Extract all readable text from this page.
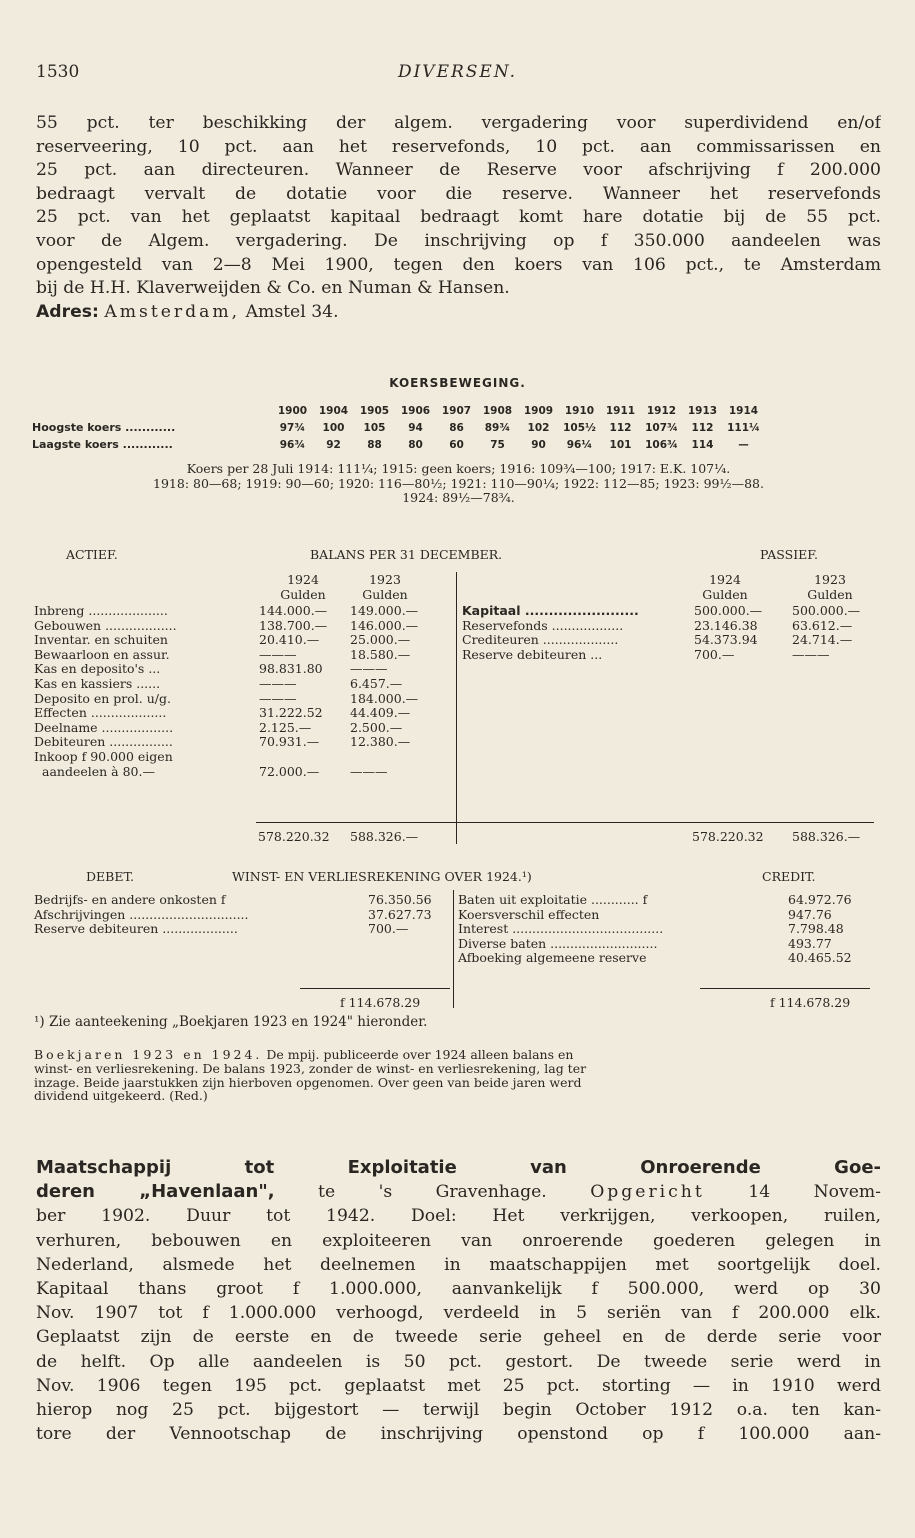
1530	DIVERSEN.
55 pct. ter beschikking der algem. vergadering voor superdividend en/of
reserveering, 10 pct. aan het reservefonds, 10 pct. aan commissarissen en
25 pct. aan directeuren. Wanneer de Reserve voor afschrijving f 200.000
bedraagt vervalt de dotatie voor die reserve. Wanneer het reservefonds
25 pct. van het geplaatst kapitaal bedraagt komt hare dotatie bij de 55 pct.
voor de Algem. vergadering. De inschrijving op f 350.000 aandeelen was
opengesteld van 2—8 Mei 1900, tegen den koers van 106 pct., te Amsterdam
bij de H.H. Klaverweijden & Co. en Numan & Hansen.
Adres: Amsterdam, Amstel 34.
KOERSBEWEGING.
	1900	1904	1905	1906	1907	1908	1909	1910	1911	1912	1913	1914
Hoogste koers ............	97¾	100	105	94	86	89¾	102	105½	112	107¾	112	111¼
Laagste koers ............	96¾	92	88	80	60	75	90	96¼	101	106¾	114	—
Koers per 28 Juli 1914: 111¼; 1915: geen koers; 1916: 109¾—100; 1917: E.K. 107¼.
1918: 80—68; 1919: 90—60; 1920: 116—80½; 1921: 110—90¼; 1922: 112—85; 1923: 99½—88.
1924: 89½—78¾.
ACTIEF.	BALANS PER 31 DECEMBER.	PASSIEF.
1924	1923
Gulden	Gulden
1924	1923
Gulden	Gulden
Inbreng ....................	144.000.— 149.000.—
Gebouwen ..................	138.700.— 146.000.—
Inventar. en schuiten	20.410.— 25.000.—
Bewaarloon en assur.	———	18.580.—
Kas en deposito's ...	98.831.80 ———
Kas en kassiers ......	———	6.457.—
Deposito en prol. u/g.	———	184.000.—
Effecten ...................	31.222.52 44.409.—
Deelname ..................	2.125.—	2.500.—
Debiteuren ................	70.931.— 12.380.—
Inkoop f 90.000 eigen
aandeelen à 80.—	72.000.— ———
Kapitaal ........................	500.000.— 500.000.—
Reservefonds ..................	23.146.38	63.612.—
Crediteuren ...................	54.373.94	24.714.—
Reserve debiteuren ...	700.—	———
578.220.32 588.326.—	578.220.32 588.326.—
DEBET.	WINST- EN VERLIESREKENING OVER 1924.¹)	CREDIT.
Bedrijfs- en andere onkosten f	76.350.56
Afschrijvingen ..............................	37.627.73
Reserve debiteuren ...................	700.—
Baten uit exploitatie ............ f	64.972.76
Koersverschil effecten	947.76
Interest ......................................	7.798.48
Diverse baten ...........................	493.77
Afboeking algemeene reserve	40.465.52
f 114.678.29	f 114.678.29
¹) Zie aanteekening „Boekjaren 1923 en 1924" hieronder.
Boekjaren 1923 en 1924. De mpij. publiceerde over 1924 alleen balans en
winst- en verliesrekening. De balans 1923, zonder de winst- en verliesrekening, lag ter
inzage. Beide jaarstukken zijn hierboven opgenomen. Over geen van beide jaren werd
dividend uitgekeerd. (Red.)
Maatschappij tot Exploitatie van Onroerende Goe-
deren „Havenlaan", te 's Gravenhage. Opgericht 14 Novem-
ber 1902. Duur tot 1942. Doel: Het verkrijgen, verkoopen, ruilen,
verhuren, bebouwen en exploiteeren van onroerende goederen gelegen in
Nederland, alsmede het deelnemen in maatschappijen met soortgelijk doel.
Kapitaal thans groot f 1.000.000, aanvankelijk f 500.000, werd op 30
Nov. 1907 tot f 1.000.000 verhoogd, verdeeld in 5 seriën van f 200.000 elk.
Geplaatst zijn de eerste en de tweede serie geheel en de derde serie voor
de helft. Op alle aandeelen is 50 pct. gestort. De tweede serie werd in
Nov. 1906 tegen 195 pct. geplaatst met 25 pct. storting — in 1910 werd
hierop nog 25 pct. bijgestort — terwijl begin October 1912 o.a. ten kan-
tore der Vennootschap de inschrijving openstond op f 100.000 aan-
